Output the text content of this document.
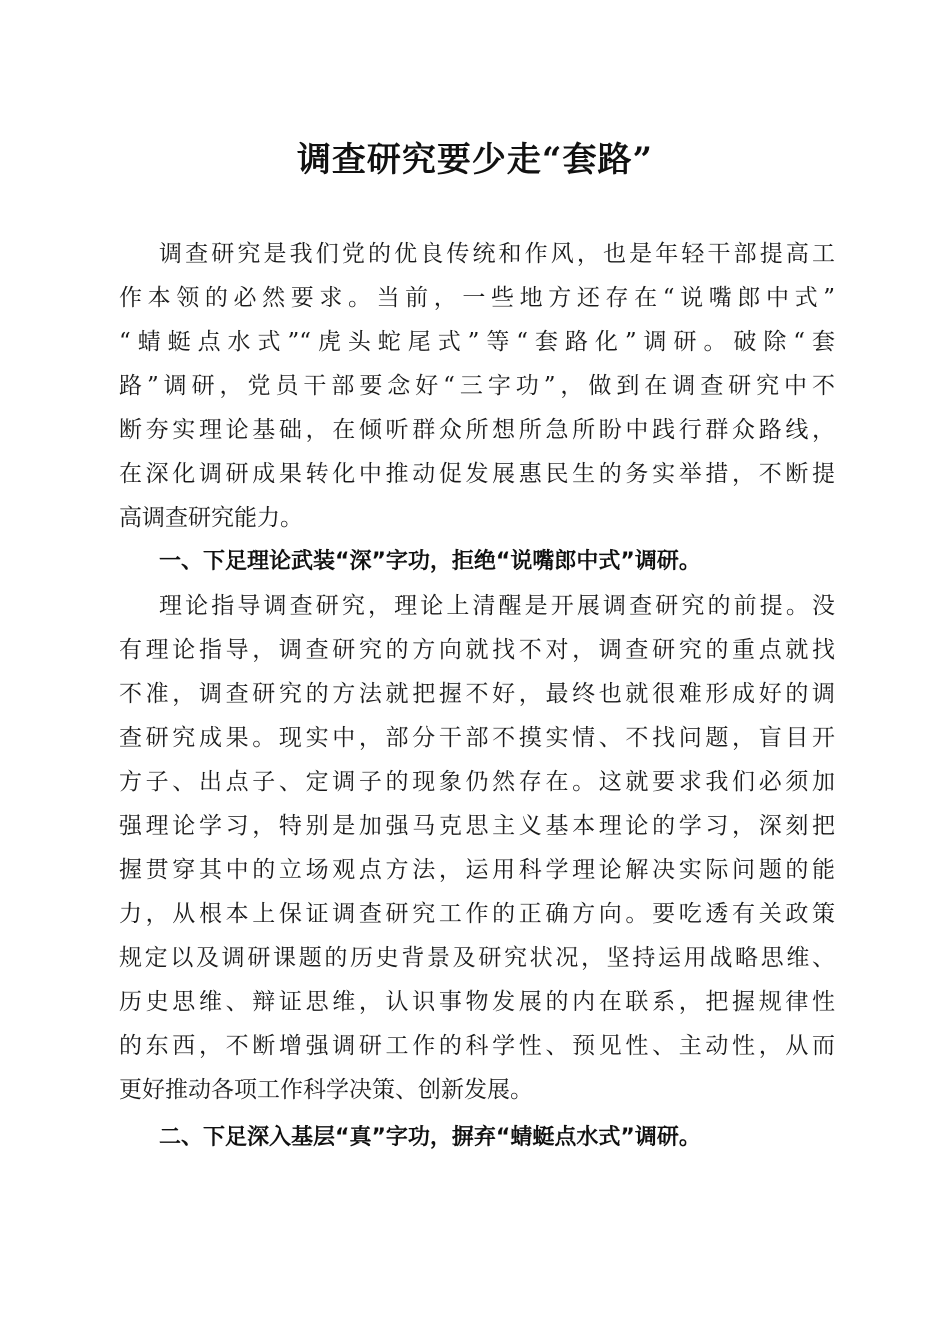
调查研究要少走“套路”
调查研究是我们党的优良传统和作风，也是年轻干部提高工
作本领的必然要求。当前，一些地方还存在“说嘴郎中式”
“蜻蜓点水式”“虎头蛇尾式”等“套路化”调研。破除“套
路”调研，党员干部要念好“三字功”，做到在调查研究中不
断夯实理论基础，在倾听群众所想所急所盼中践行群众路线，
在深化调研成果转化中推动促发展惠民生的务实举措，不断提
高调查研究能力。
一、下足理论武装“深”字功，拒绝“说嘴郎中式”调研。
理论指导调查研究，理论上清醒是开展调查研究的前提。没
有理论指导，调查研究的方向就找不对，调查研究的重点就找
不准，调查研究的方法就把握不好，最终也就很难形成好的调
查研究成果。现实中，部分干部不摸实情、不找问题，盲目开
方子、出点子、定调子的现象仍然存在。这就要求我们必须加
强理论学习，特别是加强马克思主义基本理论的学习，深刻把
握贯穿其中的立场观点方法，运用科学理论解决实际问题的能
力，从根本上保证调查研究工作的正确方向。要吃透有关政策
规定以及调研课题的历史背景及研究状况，坚持运用战略思维、
历史思维、辩证思维，认识事物发展的内在联系，把握规律性
的东西，不断增强调研工作的科学性、预见性、主动性，从而
更好推动各项工作科学决策、创新发展。
二、下足深入基层“真”字功，摒弃“蜻蜓点水式”调研。
